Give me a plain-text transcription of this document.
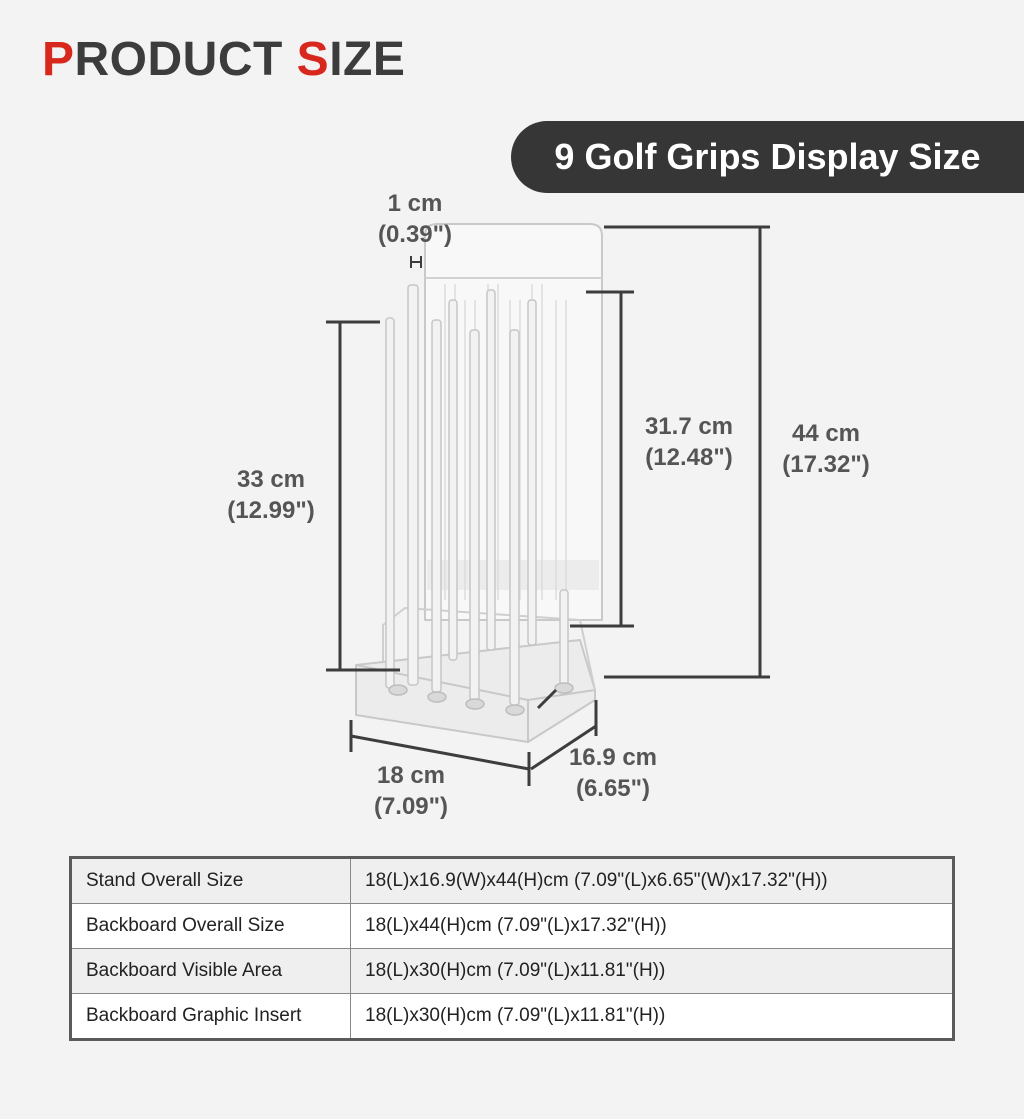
PRODUCT SIZE
9 Golf Grips Display Size
1 cm
(0.39")
33 cm
(12.99")
31.7 cm
(12.48")
44 cm
(17.32")
16.9 cm
(6.65")
18 cm
(7.09")
Stand Overall Size	18(L)x16.9(W)x44(H)cm (7.09"(L)x6.65"(W)x17.32"(H))
Backboard Overall Size	18(L)x44(H)cm (7.09"(L)x17.32"(H))
Backboard Visible Area	18(L)x30(H)cm (7.09"(L)x11.81"(H))
Backboard Graphic Insert	18(L)x30(H)cm (7.09"(L)x11.81"(H))
